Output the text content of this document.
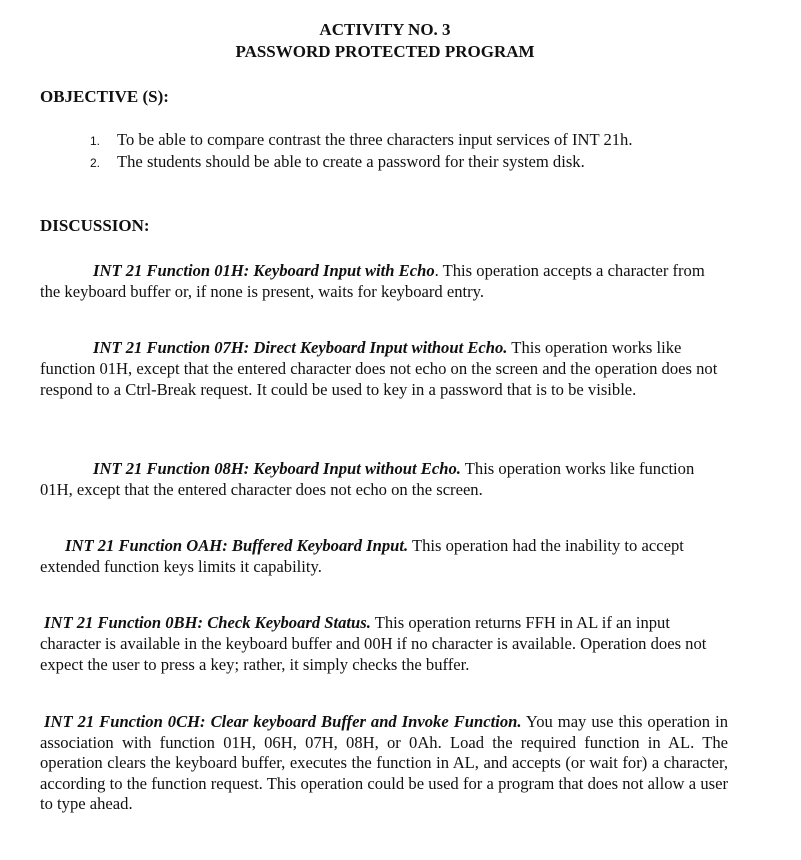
ACTIVITY NO. 3
PASSWORD PROTECTED PROGRAM
OBJECTIVE (S):
1. To be able to compare contrast the three characters input services of INT 21h.
2. The students should be able to create a password for their system disk.
DISCUSSION:
INT 21 Function 01H: Keyboard Input with Echo. This operation accepts a character from the keyboard buffer or, if none is present, waits for keyboard entry.
INT 21 Function 07H: Direct Keyboard Input without Echo. This operation works like function 01H, except that the entered character does not echo on the screen and the operation does not respond to a Ctrl-Break request. It could be used to key in a password that is to be visible.
INT 21 Function 08H: Keyboard Input without Echo. This operation works like function 01H, except that the entered character does not echo on the screen.
INT 21 Function OAH: Buffered Keyboard Input. This operation had the inability to accept extended function keys limits it capability.
INT 21 Function 0BH: Check Keyboard Status. This operation returns FFH in AL if an input character is available in the keyboard buffer and 00H if no character is available. Operation does not expect the user to press a key; rather, it simply checks the buffer.
INT 21 Function 0CH: Clear keyboard Buffer and Invoke Function. You may use this operation in association with function 01H, 06H, 07H, 08H, or 0Ah. Load the required function in AL. The operation clears the keyboard buffer, executes the function in AL, and accepts (or wait for) a character, according to the function request. This operation could be used for a program that does not allow a user to type ahead.
